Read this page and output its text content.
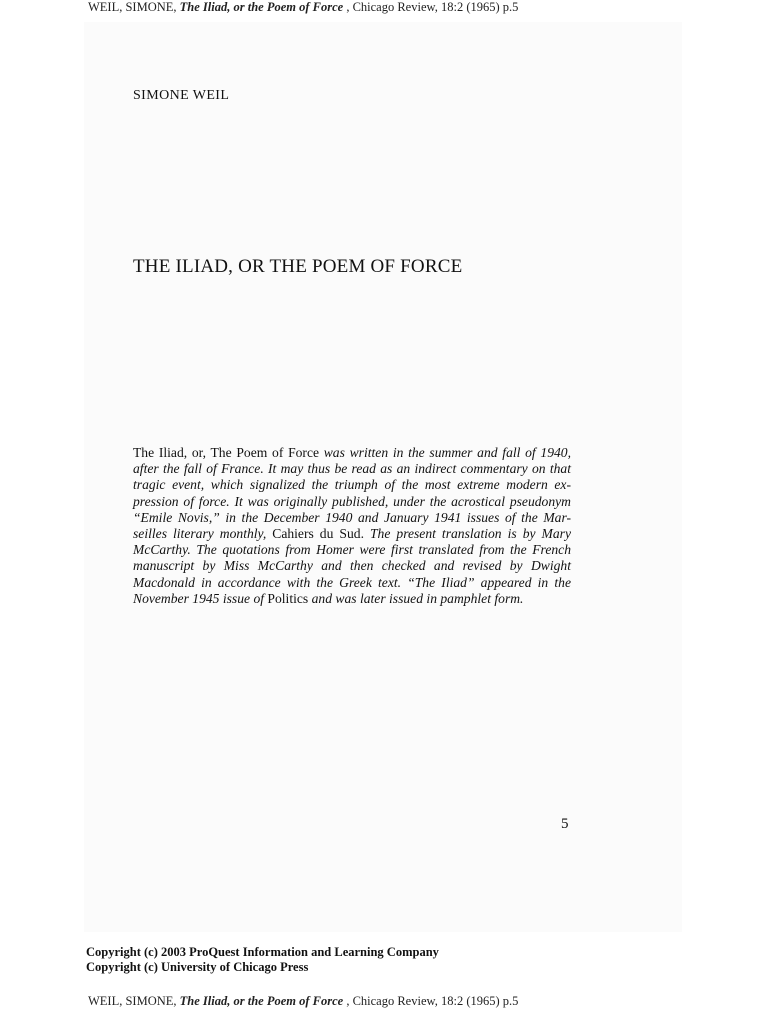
WEIL, SIMONE, The Iliad, or the Poem of Force , Chicago Review, 18:2 (1965) p.5
SIMONE WEIL
THE ILIAD, OR THE POEM OF FORCE
The Iliad, or, The Poem of Force was written in the summer and fall of 1940,
after the fall of France. It may thus be read as an indirect commentary on that
tragic event, which signalized the triumph of the most extreme modern ex-
pression of force. It was originally published, under the acrostical pseudonym
“Emile Novis,” in the December 1940 and January 1941 issues of the Mar-
seilles literary monthly, Cahiers du Sud. The present translation is by Mary
McCarthy. The quotations from Homer were first translated from the French
manuscript by Miss McCarthy and then checked and revised by Dwight
Macdonald in accordance with the Greek text. “The Iliad” appeared in the
November 1945 issue of Politics and was later issued in pamphlet form.
5
Copyright (c) 2003 ProQuest Information and Learning Company
Copyright (c) University of Chicago Press
WEIL, SIMONE, The Iliad, or the Poem of Force , Chicago Review, 18:2 (1965) p.5
